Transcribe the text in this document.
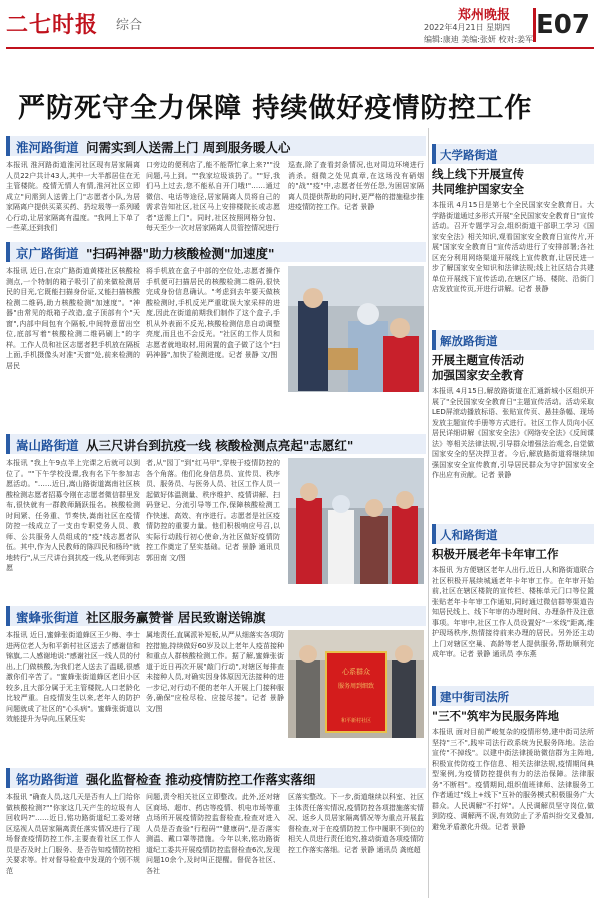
二七时报 综合
郑州晚报
2022年4月21日 星期四
编辑:康迪 美编:张妍 校对:姜军 E07
严防死守全力保障 持续做好疫情防控工作
淮河路街道 问需实到人送需上门 周到服务暖人心
本报讯 淮河路街道淮河社区现有居家隔离人员22户共计43人,其中一大半都居住在无主管楼院。疫情无情人有情,淮河社区立即成立"问需到人送需上门"志愿者小队,为居家隔离户提供买菜买药、扔垃圾等一系列暖心行动,让居家隔离有温度。"我网上下单了一些菜,还到我们
口旁边的便利店了,能不能帮忙拿上来?""没问题,马上到。""我家垃圾该扔了。""好,我们马上过去,您不能私自开门哦!"……通过微信、电话等途径,居家隔离人员将自己的需求告知社区,社区马上安排楼院长或志愿者"送需上门"。同时,社区按照网格分包、每天至少一次对居家隔离人员管控情况进行
巡查,除了查看封条情况,也对周边环境进行消杀。细微之处见真章,在这场没有硝烟的"战""疫"中,志愿者任劳任怨,为困居家隔离人员提供帮助的同时,更严格的措施稳步推进疫情防控工作。记者 景静
京广路街道 "扫码神器"助力核酸检测"加速度"
本报讯 近日,在京广路街道黄楼社区核酸检测点,一个特制的箱子吸引了前来做检测居民的目光,它既能扫描身份证,又能扫描核酸检测二维码,助力核酸检测"加速度"。"神器"由常见的纸箱子改造,盒子顶部有个"天窗",内部中间包有个隔板,中间特意留出空位,底部写着"核酸检测二维码刷上"的字样。工作人员和社区志愿者把手机放在隔板上面,手机摄像头对准"天窗"处,前来检测的居民
将手机放在盒子中部的空位处,志愿者操作手机便可扫描居民的核酸检测二维码,很快完成身份信息确认。"考虑到去年要天做核酸检测时,手机反光严重耽误大家采样的进度,因此在街道前期我们制作了这个盒子,手机从外表面不反光,核酸检测信息自动调整亮度,而且也不会反光。"社区的工作人员和志愿者就地取材,用闲置的盒子做了这个"扫码神器",加快了检测进度。记者 景静 文/图
嵩山路街道 从三尺讲台到抗疫一线 核酸检测点亮起"志愿红"
本报讯 "我上午9点半上完课之后就可以到位了。""下午学校没课,我有名下午参加志愿活动。"……近日,嵩山路街道嵩南社区核酸检测志愿者招募令刚在志愿者微信群里发布,很快就有一群教师踊跃报名。核酸检测时间紧、任务重、节奏快,嵩南社区在疫情防控一线成立了一支由专职党务人员、教师、公共服务人员组成的"疫"线志愿者队伍。其中,作为人民教师的陈四民和杨玲"就地转行",从三尺讲台到抗疫一线,从老师到志愿
者,从"园丁"到"红马甲",穿梭于疫情防控的各个角落。他们化身信息员、宣传员、秩序员、服务员、与医务人员、社区工作人员一起做好体温测量、秩序维护、疫情讲解、扫码登记、分流引导等工作,保障核酸检测工作快速、高效、有序进行。志愿者是社区疫情防控的重要力量。他们积极响应号召,以实际行动践行初心使命,为社区做好疫情防控工作奠定了坚实基础。记者 景静 通讯员 郭田南 文/图
蜜蜂张街道 社区服务赢赞誉 居民致谢送锦旗
本报讯 近日,蜜蜂张街道蜂区王少梅、李士进两位老人为和平新村社区送去了感谢信和锦旗,二人感谢地说:"感谢社区一线人员的付出,上门做核酸,为我们老人送去了温暖,很感激你们辛苦了。"蜜蜂张街道蜂区老旧小区较多,且大部分属于无主管楼院,人口老龄化比较严重。自疫情发生以来,老年人的防护问题就成了社区的"心头病"。蜜蜂张街道以效能提升为导向,压紧压实
属地责任,直属派补短板,从严从细落实各项防控措施,持续做好60岁及以上老年人疫苗接种和重点人群核酸检测工作。据了解,蜜蜂张街道于近日再次开展"敲门行动",对辖区每排查未接种人员,对确实因身体原因无法接种的进一步记,对行动不便的老年人开展上门接种服务,确保"应检尽检、应接尽接"。记者 景静 文/图
心系群众
服务周到细致
和平新村社区
铭功路街道 强化监督检查 推动疫情防控工作落实落细
本报讯 "确查人员,这几天是否有人上门给你做核酸检测?""你家这几天产生的垃圾有人回收吗?"……近日,铭功路街道纪工委对辖区巡视人员居家隔离责任落实情况进行了现场督查疫情防控工作,主要查看社区工作人员是否及时上门服务、是否告知疫情防控相关要求等。针对督导检查中发现的个别不规范
问题,责令相关社区立即整改。此外,还对辖区商场、超市、药店等疫情、机电市场等重点场所开展疫情防控监督检查,检查对进入人员是否查验"行程码""健康码",是否落实测温、戴口罩等措施。今年以来,铭功路街道纪工委共开展疫情防控监督检查6次,发现问题10余个,及时叫正提醒。督促各社区、各社
区落实整改。下一步,街道继续以科室、社区主体责任落实情况,疫情防控各项措施落实情况、返乡人员居家隔离情况等为重点开展监督检查,对于在疫情防控工作中履职不到位的相关人员进行责任追究,推动街道各项疫情防控工作落实落细。记者 景静 通讯员 龚庭超
大学路街道
线上线下开展宣传
共同维护国家安全
本报讯 4月15日是第七个全民国家安全教育日。大学路街道通过多形式开展"全民国家安全教育日"宣传活动。召开专题学习会,组织街道干部职工学习《国家安全法》相关知识,观看国家安全教育日宣传片,开展"国家安全教育日"宣传活动进行了安排部署;各社区充分利用网络渠道开展线上宣传教育,让居民进一步了解国家安全知识和法律法规;线上社区结合共建单位开展线下宣传活动,在辖区广场、楼院、沿街门店发放宣传页,开进行讲解。记者 景静
解放路街道
开展主题宣传活动
加强国家安全教育
本报讯 4月15日,解放路街道在汇通新城小区组织开展了"全民国家安全教育日"主题宣传活动。活动采取LED屏滚动播放标语、张贴宣传页、悬挂条幅、现场发放主题宣传手册等方式进行。社区工作人员向小区居民详细讲解《国家安全法》《网络安全法》《反间谍法》等相关法律法规,引导群众增强法治观念,自觉做国家安全的坚决捍卫者。今后,解放路街道将继续加强国家安全宣传教育,引导居民群众为守护国家安全作出应有贡献。记者 景静
人和路街道
积极开展老年卡年审工作
本报讯 为方便辖区老年人出行,近日,人和路街道联合社区积极开展续城通老年卡年审工作。在年审开始前,社区在辖区楼院的宣传栏、楼栋单元门口等位置张贴老年卡年审工作通知,同时通过微信群等渠道告知居民线上、线下年审的办理时间、办理条件及注意事项。年审中,社区工作人员设置好"一米线"距离,维护现场秩序,热情接待前来办理的居民。另外还主动上门对辖区空巢、高龄等老人提供服务,帮助顺利完成年审。记者 景静 通讯员 李东燕
建中街司法所
"三不"筑牢为民服务阵地
本报讯 面对目前严峻复杂的疫情形势,建中街司法所坚持"三不",践牢司法行政系统为民服务阵地。法治宣传"不掉线"。以建中街法律援助微信群为主阵地,积极宣传防疫工作信息、相关法律法规,疫情期间典型案例,为疫情防控提供有力的法治保障。法律服务"不断档"。疫情期间,组织值班律师、法律服务工作者通过"线上+线下"互补的服务模式积极服务广大群众。人民调解"不打烊"。人民调解员坚守岗位,做到防疫、调解两不误,有效防止了矛盾纠纷交叉叠加,避免矛盾激化升级。记者 景静
